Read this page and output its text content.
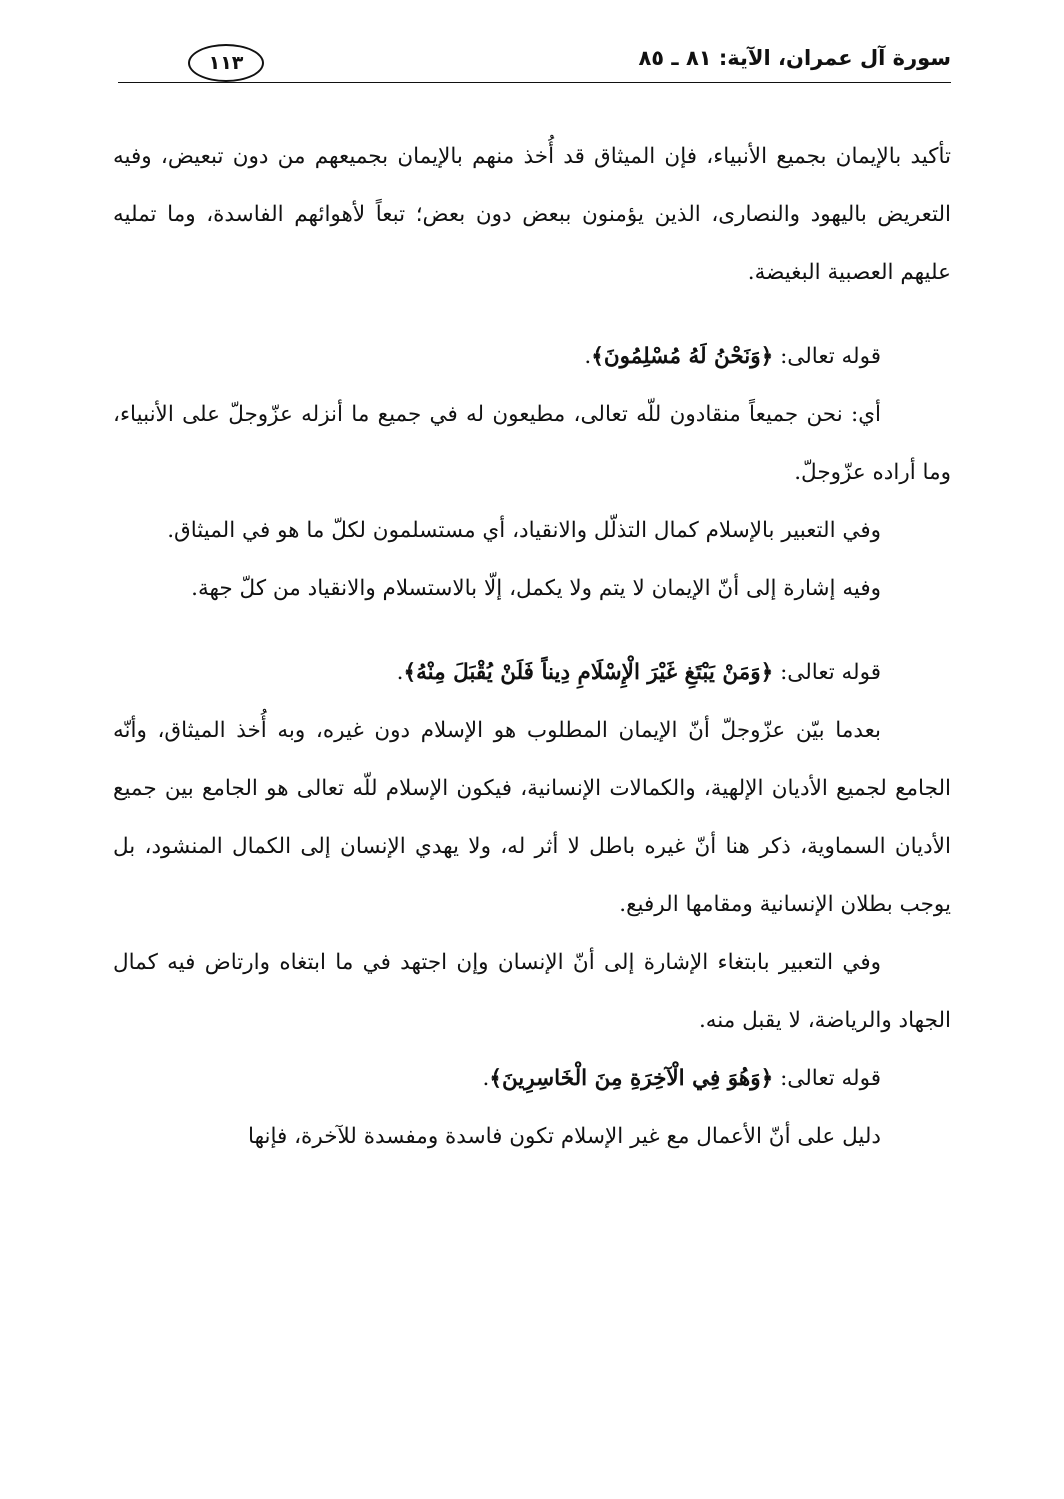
سورة آل عمران، الآية: ٨١ ـ ٨٥
١١٣

تأكيد بالإيمان بجميع الأنبياء، فإن الميثاق قد أُخذ منهم بالإيمان بجميعهم من دون تبعيض، وفيه التعريض باليهود والنصارى، الذين يؤمنون ببعض دون بعض؛ تبعاً لأهوائهم الفاسدة، وما تمليه عليهم العصبية البغيضة.

قوله تعالى: ﴿وَنَحْنُ لَهُ مُسْلِمُونَ﴾.

أي: نحن جميعاً منقادون للّه تعالى، مطيعون له في جميع ما أنزله عزّوجلّ على الأنبياء، وما أراده عزّوجلّ.

وفي التعبير بالإسلام كمال التذلّل والانقياد، أي مستسلمون لكلّ ما هو في الميثاق.

وفيه إشارة إلى أنّ الإيمان لا يتم ولا يكمل، إلّا بالاستسلام والانقياد من كلّ جهة.

قوله تعالى: ﴿وَمَنْ يَبْتَغِ غَيْرَ الْإِسْلَامِ دِيناً فَلَنْ يُقْبَلَ مِنْهُ﴾.

بعدما بيّن عزّوجلّ أنّ الإيمان المطلوب هو الإسلام دون غيره، وبه أُخذ الميثاق، وأنّه الجامع لجميع الأديان الإلهية، والكمالات الإنسانية، فيكون الإسلام للّه تعالى هو الجامع بين جميع الأديان السماوية، ذكر هنا أنّ غيره باطل لا أثر له، ولا يهدي الإنسان إلى الكمال المنشود، بل يوجب بطلان الإنسانية ومقامها الرفيع.

وفي التعبير بابتغاء الإشارة إلى أنّ الإنسان وإن اجتهد في ما ابتغاه وارتاض فيه كمال الجهاد والرياضة، لا يقبل منه.

قوله تعالى: ﴿وَهُوَ فِي الْآخِرَةِ مِنَ الْخَاسِرِينَ﴾.

دليل على أنّ الأعمال مع غير الإسلام تكون فاسدة ومفسدة للآخرة، فإنها
